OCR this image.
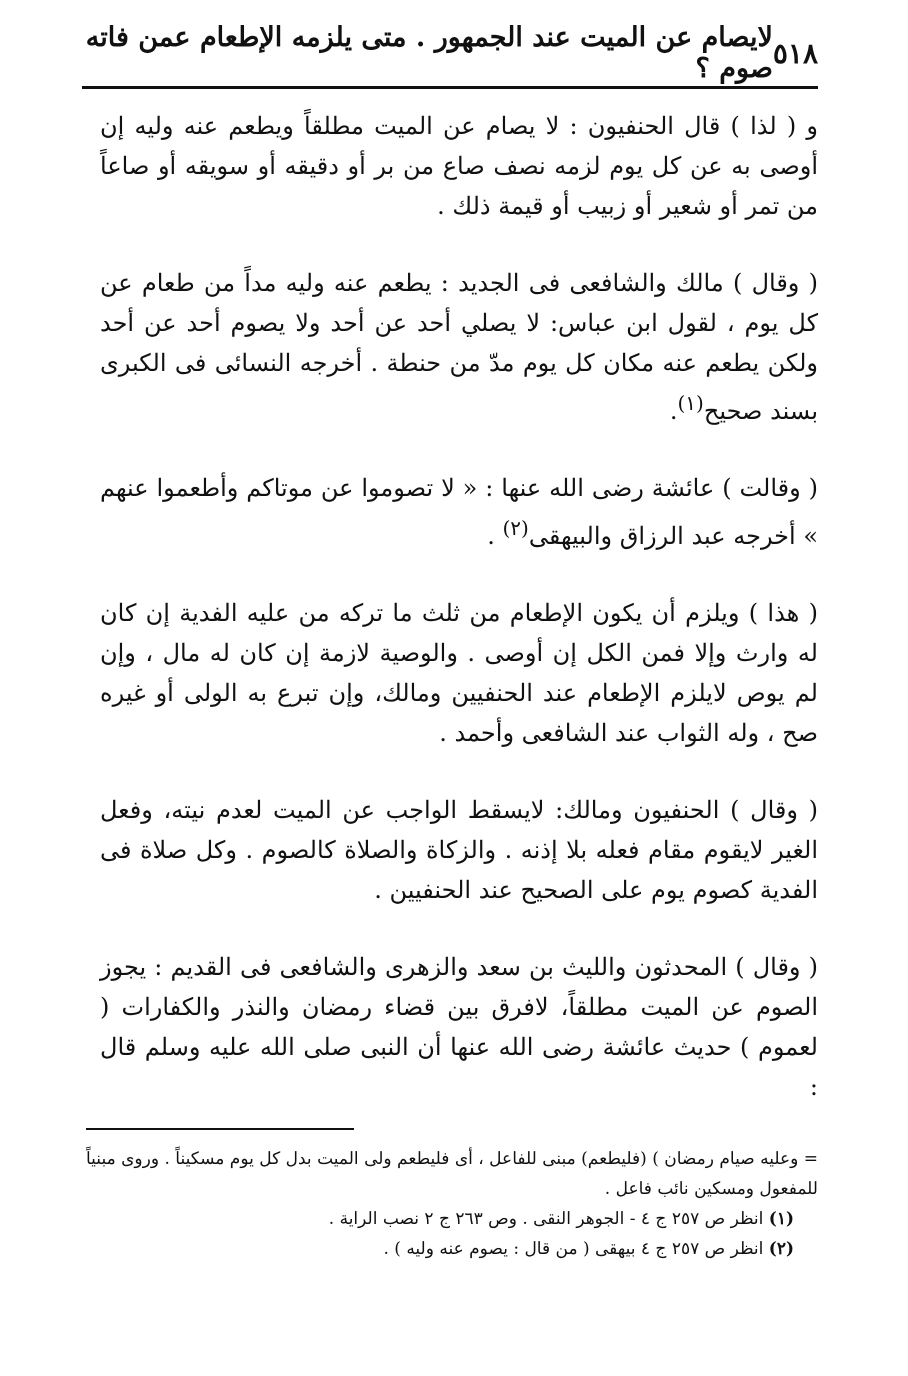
٥١٨
لايصام عن الميت عند الجمهور . متى يلزمه الإطعام عمن فاته صوم ؟

و ( لذا ) قال الحنفيون : لا يصام عن الميت مطلقاً ويطعم عنه وليه إن أوصى به عن كل يوم لزمه نصف صاع من بر أو دقيقه أو سويقه أو صاعاً من تمر أو شعير أو زبيب أو قيمة ذلك .

( وقال ) مالك والشافعى فى الجديد : يطعم عنه وليه مداً من طعام عن كل يوم ، لقول ابن عباس: لا يصلي أحد عن أحد ولا يصوم أحد عن أحد ولكن يطعم عنه مكان كل يوم مدّ من حنطة . أخرجه النسائى فى الكبرى بسند صحيح$^{(١)}$.

( وقالت ) عائشة رضى الله عنها : « لا تصوموا عن موتاكم وأطعموا عنهم » أخرجه عبد الرزاق والبيهقى$^{(٢)}$ .

( هذا ) ويلزم أن يكون الإطعام من ثلث ما تركه من عليه الفدية إن كان له وارث وإلا فمن الكل إن أوصى . والوصية لازمة إن كان له مال ، وإن لم يوص لايلزم الإطعام عند الحنفيين ومالك، وإن تبرع به الولى أو غيره صح ، وله الثواب عند الشافعى وأحمد .

( وقال ) الحنفيون ومالك: لايسقط الواجب عن الميت لعدم نيته، وفعل الغير لايقوم مقام فعله بلا إذنه . والزكاة والصلاة كالصوم . وكل صلاة فى الفدية كصوم يوم على الصحيح عند الحنفيين .

( وقال ) المحدثون والليث بن سعد والزهرى والشافعى فى القديم : يجوز الصوم عن الميت مطلقاً، لافرق بين قضاء رمضان والنذر والكفارات ( لعموم ) حديث عائشة رضى الله عنها أن النبى صلى الله عليه وسلم قال :

= وعليه صيام رمضان ) (فليطعم) مبنى للفاعل ، أى فليطعم ولى الميت بدل كل يوم مسكيناً . وروى مبنياً للمفعول ومسكين نائب فاعل .

(١) انظر ص ٢٥٧ ج ٤ - الجوهر النقى . وص ٢٦٣ ج ٢ نصب الراية .

(٢) انظر ص ٢٥٧ ج ٤ بيهقى ( من قال : يصوم عنه وليه ) .
